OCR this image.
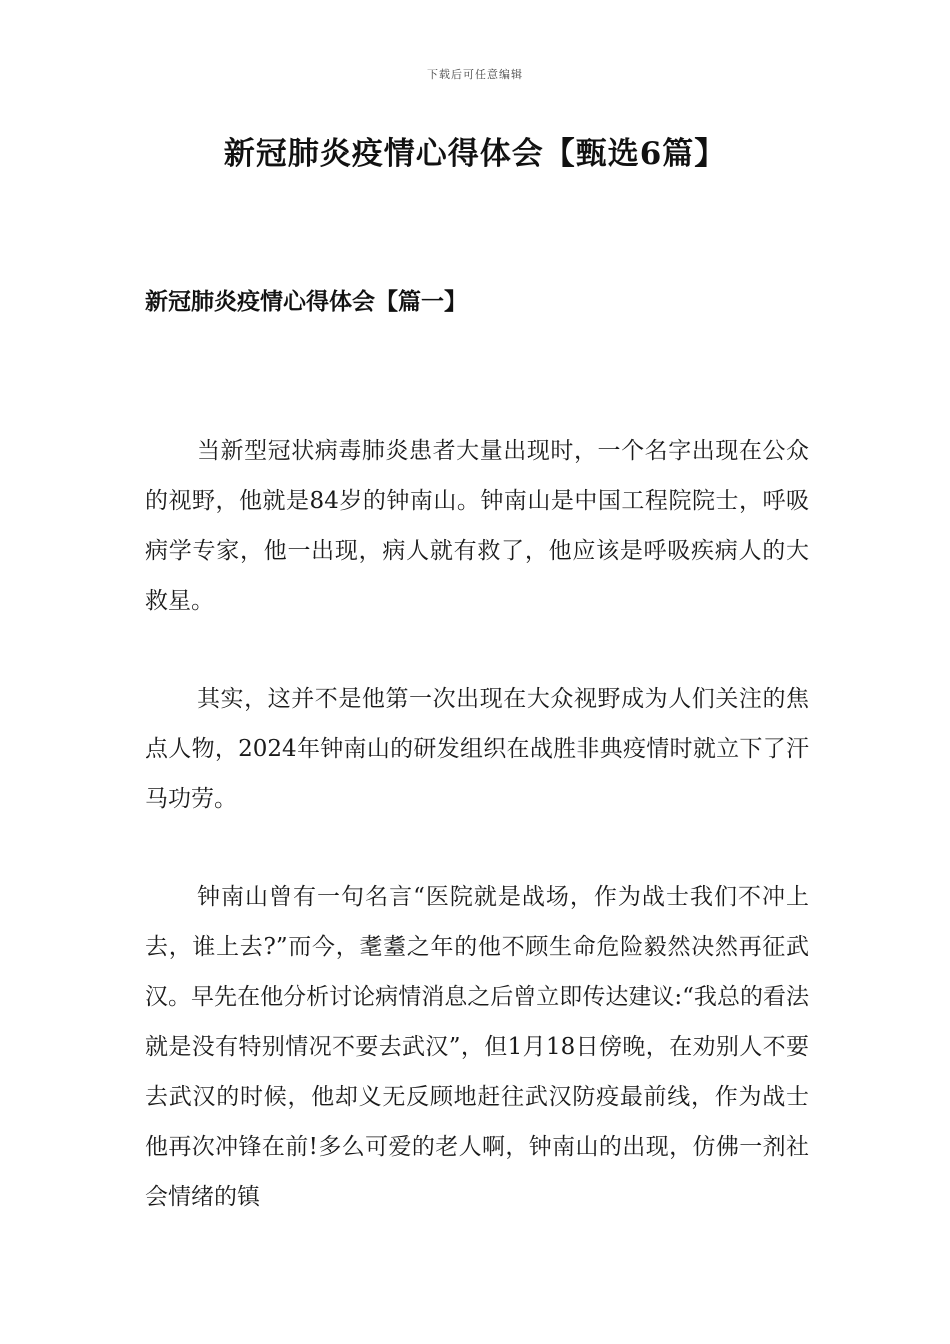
下载后可任意编辑
新冠肺炎疫情心得体会【甄选6篇】
新冠肺炎疫情心得体会【篇一】

当新型冠状病毒肺炎患者大量出现时，一个名字出现在公众的视野，他就是84岁的钟南山。钟南山是中国工程院院士，呼吸病学专家，他一出现，病人就有救了，他应该是呼吸疾病人的大救星。

其实，这并不是他第一次出现在大众视野成为人们关注的焦点人物，2024年钟南山的研发组织在战胜非典疫情时就立下了汗马功劳。

钟南山曾有一句名言“医院就是战场，作为战士我们不冲上去，谁上去?”而今，耄耋之年的他不顾生命危险毅然决然再征武汉。早先在他分析讨论病情消息之后曾立即传达建议:“我总的看法就是没有特别情况不要去武汉”，但1月18日傍晚，在劝别人不要去武汉的时候，他却义无反顾地赶往武汉防疫最前线，作为战士他再次冲锋在前!多么可爱的老人啊，钟南山的出现，仿佛一剂社会情绪的镇
